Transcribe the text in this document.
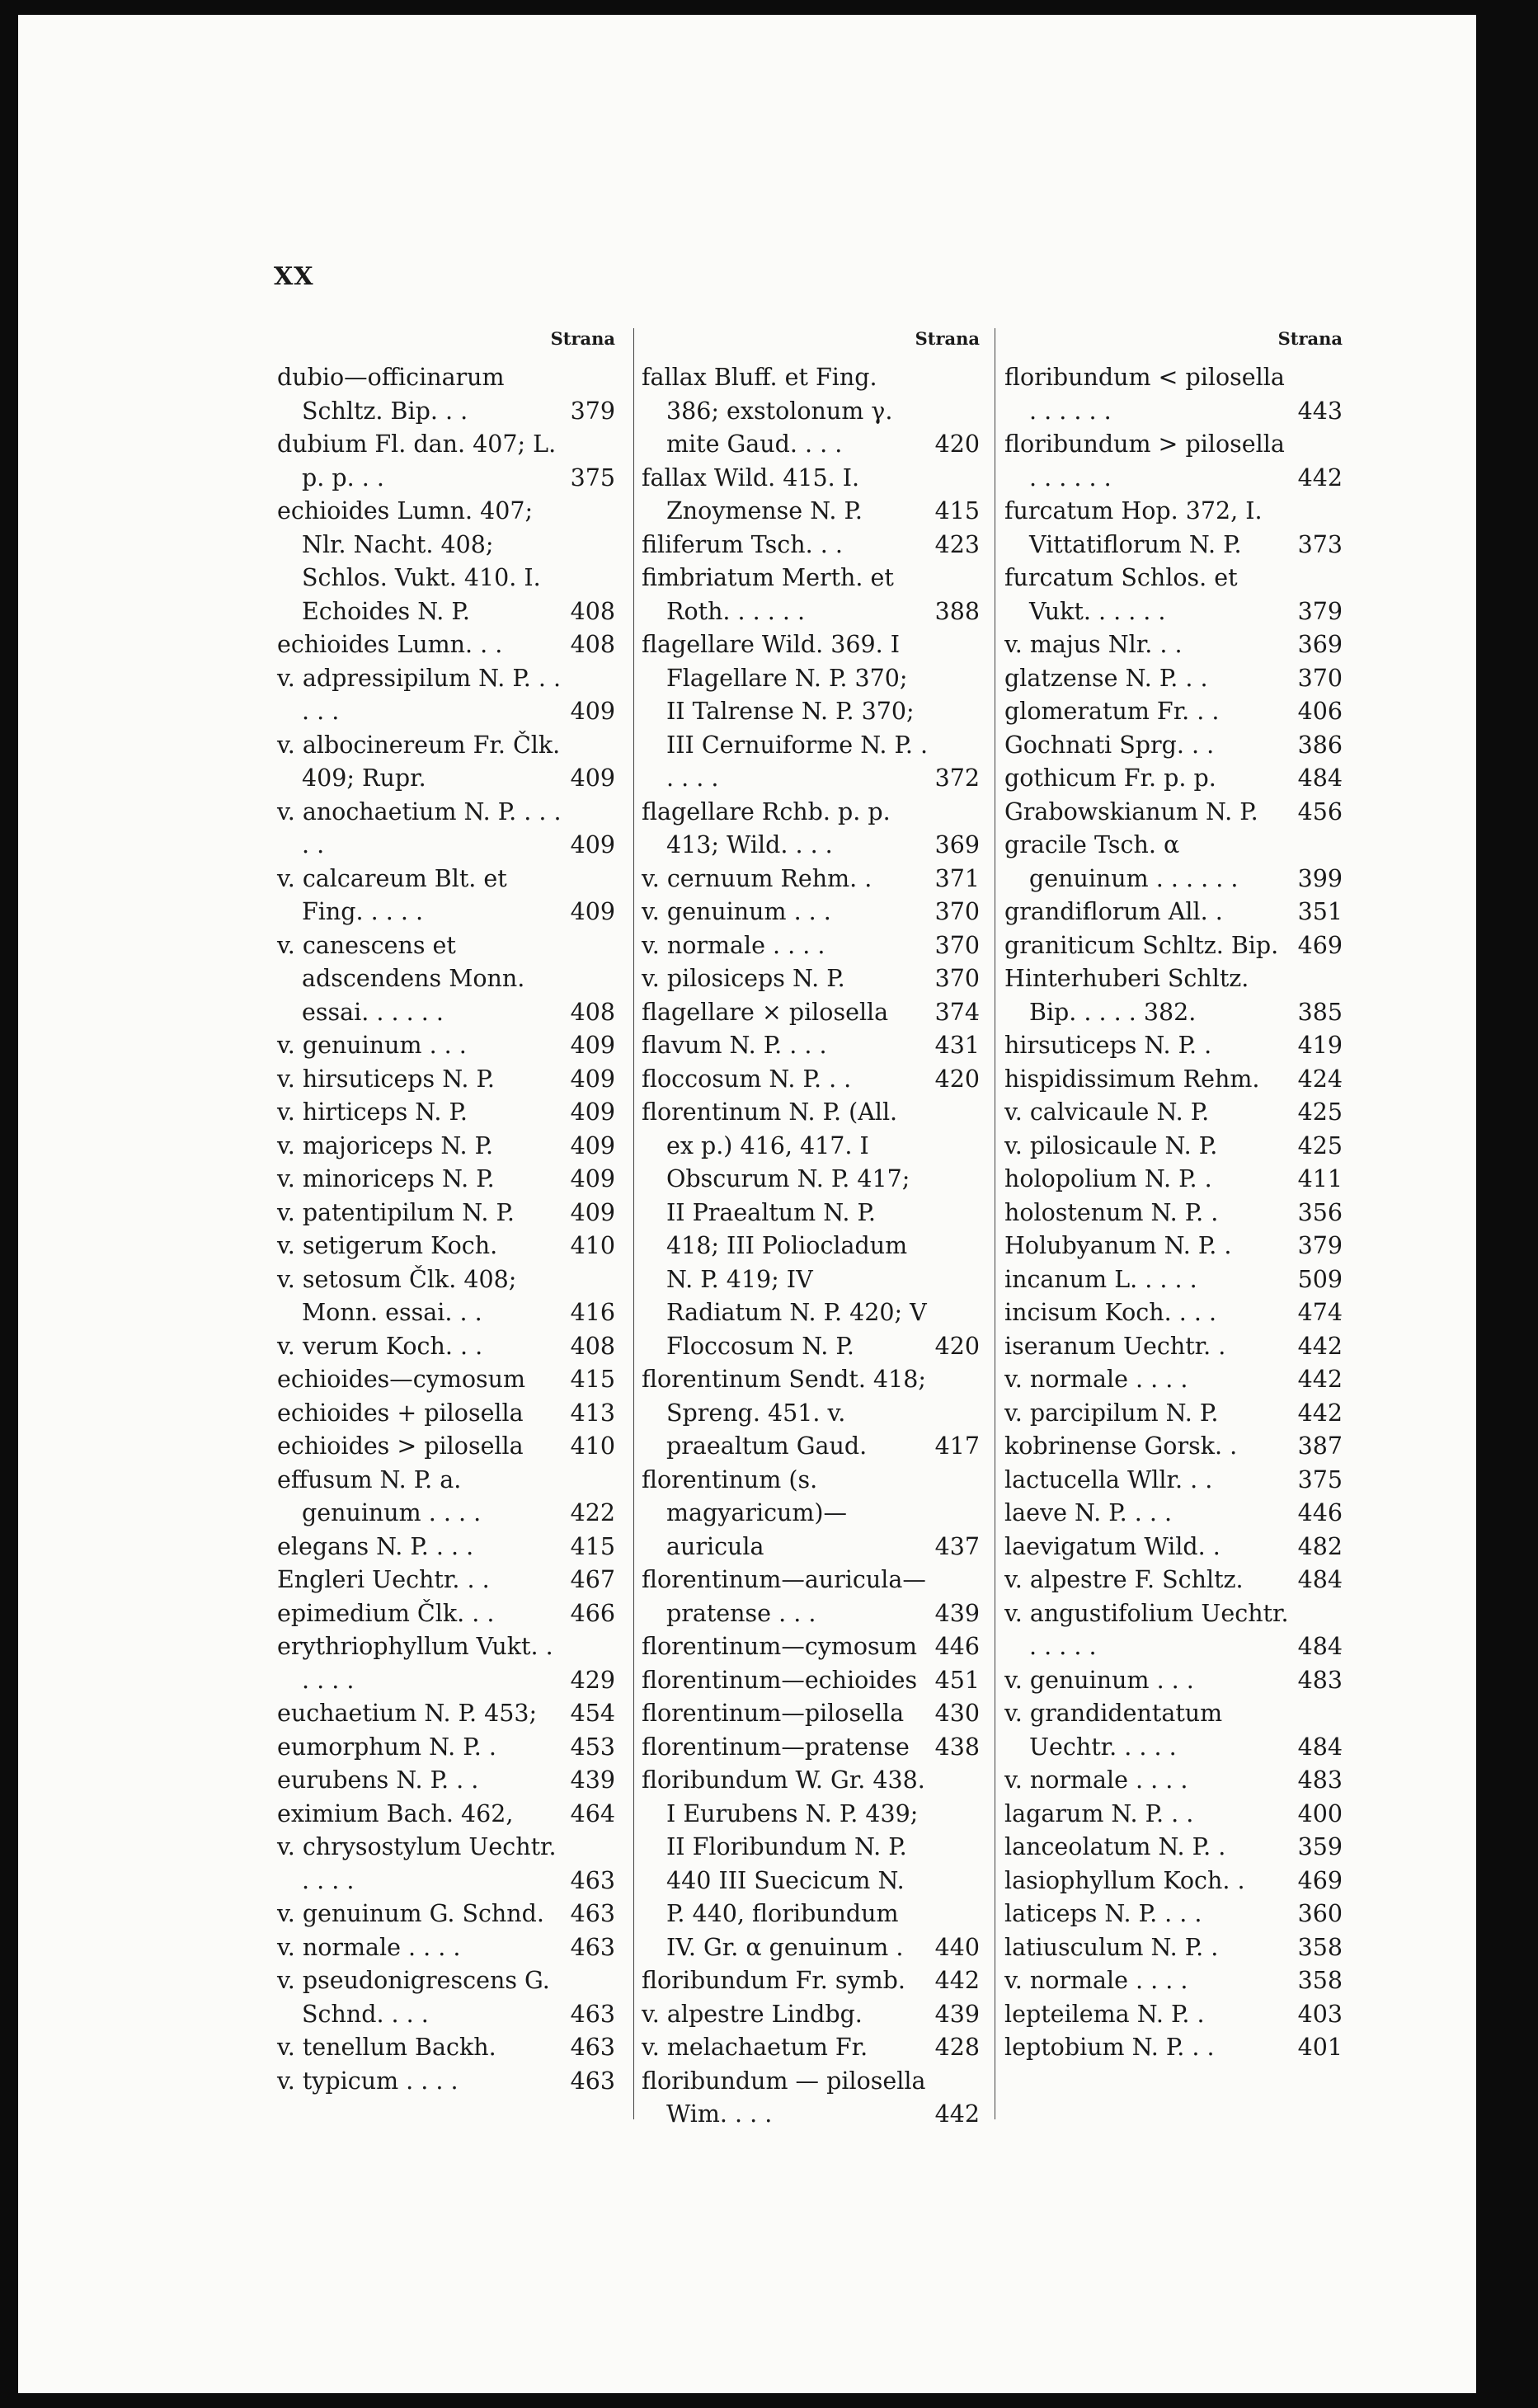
XX
Strana
dubio—officinarum Schltz. Bip. . .	379
dubium Fl. dan. 407; L. p. p. . .	375
echioides Lumn. 407; Nlr. Nacht. 408; Schlos. Vukt. 410. I. Echoides N. P.	408
echioides Lumn. . .	408
v. adpressipilum N. P. . . . . .	409
v. albocinereum Fr. Člk. 409; Rupr.	409
v. anochaetium N. P. . . . . .	409
v. calcareum Blt. et Fing. . . . .	409
v. canescens et adscendens Monn. essai. . . . . .	408
v. genuinum . . .	409
v. hirsuticeps N. P.	409
v. hirticeps N. P.	409
v. majoriceps N. P.	409
v. minoriceps N. P.	409
v. patentipilum N. P.	409
v. setigerum Koch.	410
v. setosum Člk. 408; Monn. essai. . .	416
v. verum Koch. . .	408
echioides—cymosum	415
echioides + pilosella	413
echioides > pilosella	410
effusum N. P. a. genuinum . . . .	422
elegans N. P. . . .	415
Engleri Uechtr. . .	467
epimedium Člk. . .	466
erythriophyllum Vukt. . . . . .	429
euchaetium N. P. 453;	454
eumorphum N. P. .	453
eurubens N. P. . .	439
eximium Bach. 462,	464
v. chrysostylum Uechtr. . . . .	463
v. genuinum G. Schnd.	463
v. normale . . . .	463
v. pseudonigrescens G. Schnd. . . .	463
v. tenellum Backh.	463
v. typicum . . . .	463
Strana
fallax Bluff. et Fing. 386; exstolonum γ. mite Gaud. . . .	420
fallax Wild. 415. I. Znoymense N. P.	415
filiferum Tsch. . .	423
fimbriatum Merth. et Roth. . . . . .	388
flagellare Wild. 369. I Flagellare N. P. 370; II Talrense N. P. 370; III Cernuiforme N. P. . . . . .	372
flagellare Rchb. p. p. 413; Wild. . . .	369
v. cernuum Rehm. .	371
v. genuinum . . .	370
v. normale . . . .	370
v. pilosiceps N. P.	370
flagellare × pilosella	374
flavum N. P. . . .	431
floccosum N. P. . .	420
florentinum N. P. (All. ex p.) 416, 417. I Obscurum N. P. 417; II Praealtum N. P. 418; III Poliocladum N. P. 419; IV Radiatum N. P. 420; V Floccosum N. P.	420
florentinum Sendt. 418; Spreng. 451. v. praealtum Gaud.	417
florentinum (s. magyaricum)—auricula	437
florentinum—auricula—pratense . . .	439
florentinum—cymosum 446
florentinum—echioides 451
florentinum—pilosella	430
florentinum—pratense	438
floribundum W. Gr. 438. I Eurubens N. P. 439; II Floribundum N. P. 440 III Suecicum N. P. 440, floribundum IV. Gr. α genuinum .	440
floribundum Fr. symb.	442
v. alpestre Lindbg.	439
v. melachaetum Fr.	428
floribundum — pilosella Wim. . . .	442
Strana
floribundum < pilosella . . . . . .	443
floribundum > pilosella . . . . . .	442
furcatum Hop. 372, I. Vittatiflorum N. P.	373
furcatum Schlos. et Vukt. . . . . .	379
v. majus Nlr. . .	369
glatzense N. P. . .	370
glomeratum Fr. . .	406
Gochnati Sprg. . .	386
gothicum Fr. p. p.	484
Grabowskianum N. P.	456
gracile Tsch. α genuinum . . . . . .	399
grandiflorum All. .	351
graniticum Schltz. Bip. 469
Hinterhuberi Schltz. Bip. . . . . 382.	385
hirsuticeps N. P. .	419
hispidissimum Rehm.	424
v. calvicaule N. P.	425
v. pilosicaule N. P.	425
holopolium N. P. .	411
holostenum N. P. .	356
Holubyanum N. P. .	379
incanum L. . . . .	509
incisum Koch. . . .	474
iseranum Uechtr. .	442
v. normale . . . .	442
v. parcipilum N. P.	442
kobrinense Gorsk. .	387
lactucella Wllr. . .	375
laeve N. P. . . .	446
laevigatum Wild. .	482
v. alpestre F. Schltz.	484
v. angustifolium Uechtr. . . . . .	484
v. genuinum . . .	483
v. grandidentatum Uechtr. . . . .	484
v. normale . . . .	483
lagarum N. P. . .	400
lanceolatum N. P. .	359
lasiophyllum Koch. .	469
laticeps N. P. . . .	360
latiusculum N. P. .	358
v. normale . . . .	358
lepteilema N. P. .	403
leptobium N. P. . .	401
